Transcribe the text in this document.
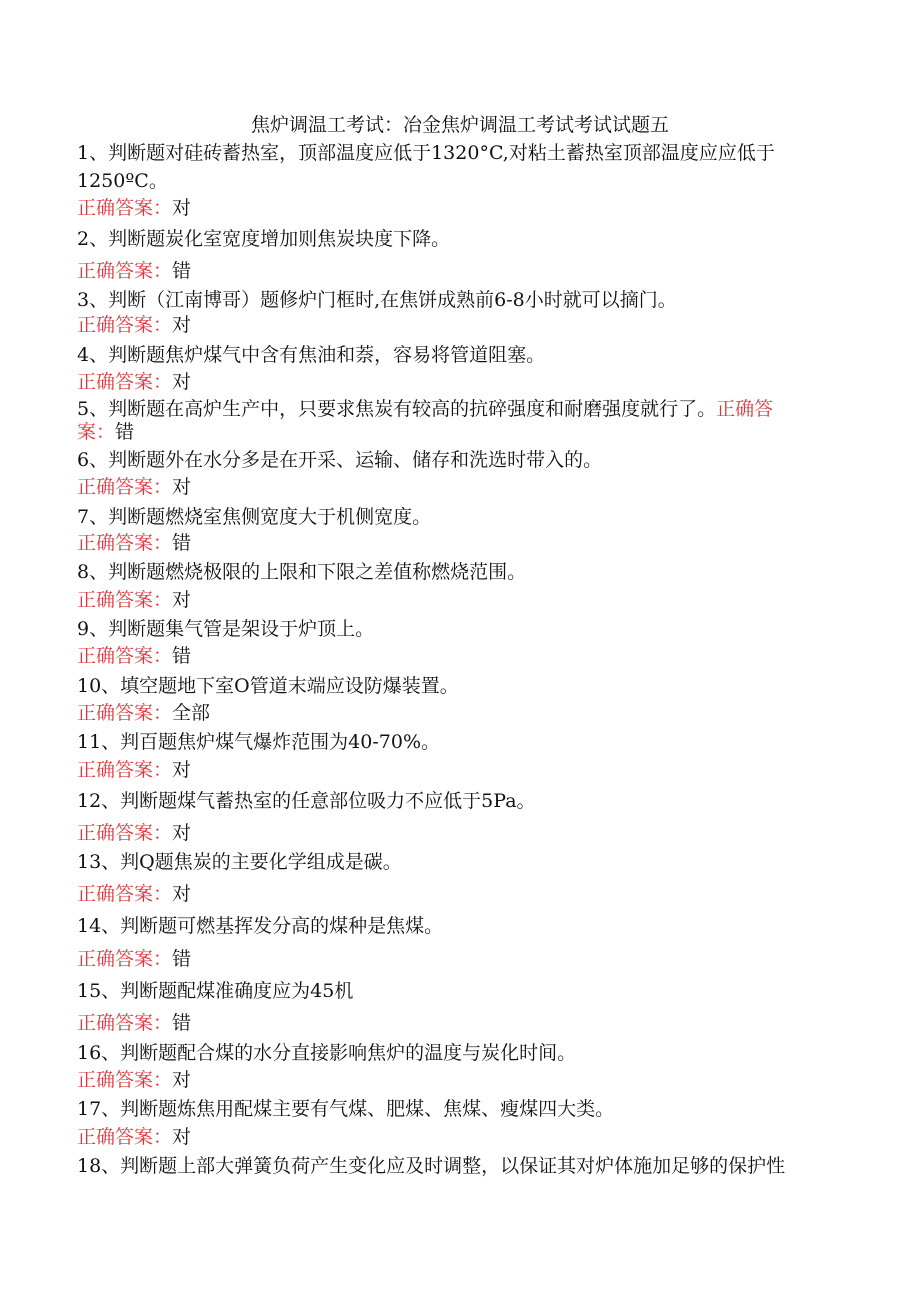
焦炉调温工考试：冶金焦炉调温工考试考试试题五
1、判断题对硅砖蓄热室，顶部温度应低于1320°C,对粘土蓄热室顶部温度应应低于
1250ºC。
正确答案：对
2、判断题炭化室宽度增加则焦炭块度下降。
正确答案：错
3、判断（江南博哥）题修炉门框时,在焦饼成熟前6-8小时就可以摘门。
正确答案：对
4、判断题焦炉煤气中含有焦油和萘，容易将管道阻塞。
正确答案：对
5、判断题在高炉生产中，只要求焦炭有较高的抗碎强度和耐磨强度就行了。正确答
案：错
6、判断题外在水分多是在开采、运输、储存和洗选时带入的。
正确答案：对
7、判断题燃烧室焦侧宽度大于机侧宽度。
正确答案：错
8、判断题燃烧极限的上限和下限之差值称燃烧范围。
正确答案：对
9、判断题集气管是架设于炉顶上。
正确答案：错
10、填空题地下室O管道末端应设防爆装置。
正确答案：全部
11、判百题焦炉煤气爆炸范围为40-70%。
正确答案：对
12、判断题煤气蓄热室的任意部位吸力不应低于5Pa。
正确答案：对
13、判Q题焦炭的主要化学组成是碳。
正确答案：对
14、判断题可燃基挥发分高的煤种是焦煤。
正确答案：错
15、判断题配煤准确度应为45机
正确答案：错
16、判断题配合煤的水分直接影响焦炉的温度与炭化时间。
正确答案：对
17、判断题炼焦用配煤主要有气煤、肥煤、焦煤、瘦煤四大类。
正确答案：对
18、判断题上部大弹簧负荷产生变化应及时调整，以保证其对炉体施加足够的保护性
